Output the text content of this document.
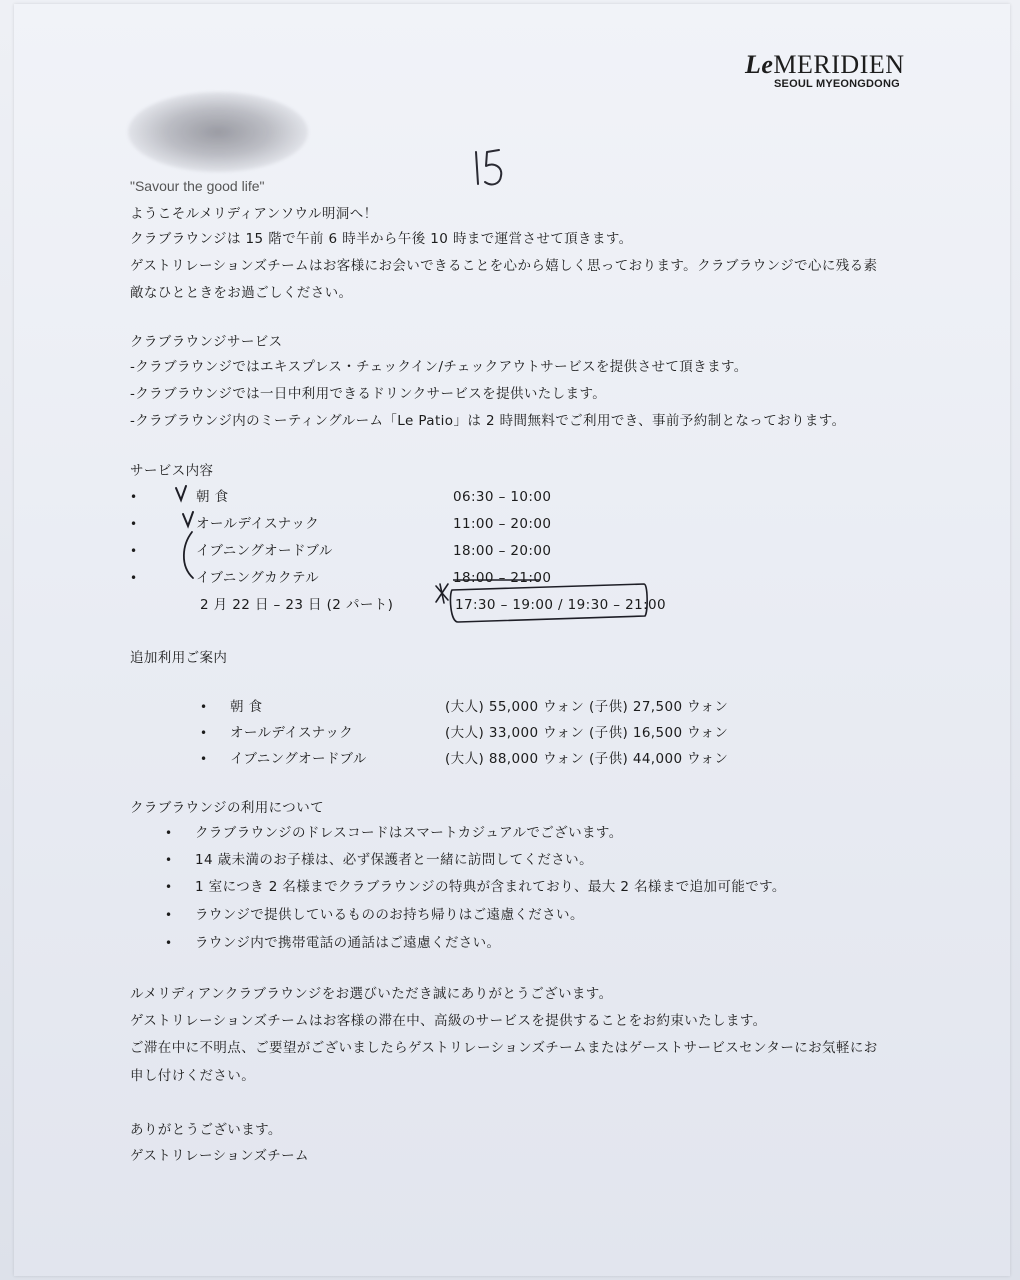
LeMERIDIEN
SEOUL MYEONGDONG
"Savour the good life"
ようこそルメリディアンソウル明洞へ！
クラブラウンジは 15 階で午前 6 時半から午後 10 時まで運営させて頂きます。
ゲストリレーションズチームはお客様にお会いできることを心から嬉しく思っております。クラブラウンジで心に残る素
敵なひとときをお過ごしください。
クラブラウンジサービス
-クラブラウンジではエキスプレス・チェックイン/チェックアウトサービスを提供させて頂きます。
-クラブラウンジでは一日中利用できるドリンクサービスを提供いたします。
-クラブラウンジ内のミーティングルーム「Le Patio」は 2 時間無料でご利用でき、事前予約制となっております。
サービス内容
•	朝 食	06:30 – 10:00
•	オールデイスナック	11:00 – 20:00
•	イブニングオードブル	18:00 – 20:00
•	イブニングカクテル	18:00 – 21:00
2 月 22 日 – 23 日 (2 パート)	17:30 – 19:00 / 19:30 – 21:00
追加利用ご案内
• 朝 食	(大人) 55,000 ウォン (子供) 27,500 ウォン
• オールデイスナック	(大人) 33,000 ウォン (子供) 16,500 ウォン
• イブニングオードブル	(大人) 88,000 ウォン (子供) 44,000 ウォン
クラブラウンジの利用について
• クラブラウンジのドレスコードはスマートカジュアルでございます。
• 14 歳未満のお子様は、必ず保護者と一緒に訪問してください。
• 1 室につき 2 名様までクラブラウンジの特典が含まれており、最大 2 名様まで追加可能です。
• ラウンジで提供しているもののお持ち帰りはご遠慮ください。
• ラウンジ内で携帯電話の通話はご遠慮ください。
ルメリディアンクラブラウンジをお選びいただき誠にありがとうございます。
ゲストリレーションズチームはお客様の滞在中、高級のサービスを提供することをお約束いたします。
ご滞在中に不明点、ご要望がございましたらゲストリレーションズチームまたはゲーストサービスセンターにお気軽にお
申し付けください。
ありがとうございます。
ゲストリレーションズチーム
